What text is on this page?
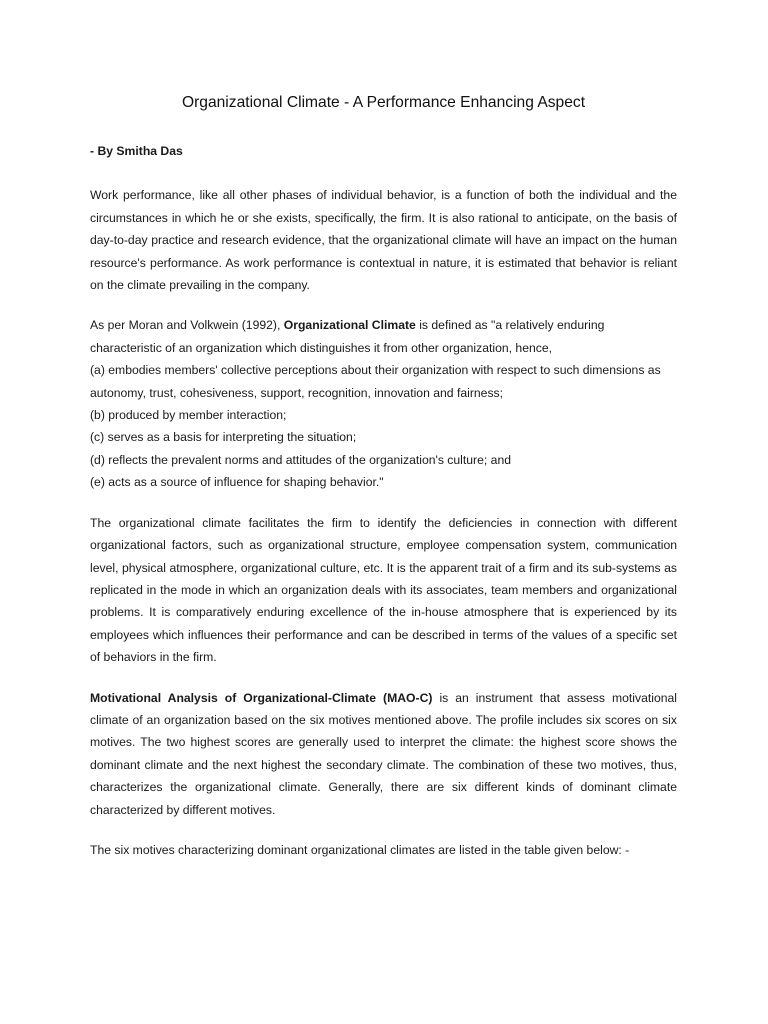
Organizational Climate - A Performance Enhancing Aspect
- By Smitha Das

Work performance, like all other phases of individual behavior, is a function of both the individual and the circumstances in which he or she exists, specifically, the firm. It is also rational to anticipate, on the basis of day-to-day practice and research evidence, that the organizational climate will have an impact on the human resource's performance. As work performance is contextual in nature, it is estimated that behavior is reliant on the climate prevailing in the company.

As per Moran and Volkwein (1992), Organizational Climate is defined as "a relatively enduring characteristic of an organization which distinguishes it from other organization, hence,
(a) embodies members' collective perceptions about their organization with respect to such dimensions as autonomy, trust, cohesiveness, support, recognition, innovation and fairness;
(b) produced by member interaction;
(c) serves as a basis for interpreting the situation;
(d) reflects the prevalent norms and attitudes of the organization's culture; and
(e) acts as a source of influence for shaping behavior."

The organizational climate facilitates the firm to identify the deficiencies in connection with different organizational factors, such as organizational structure, employee compensation system, communication level, physical atmosphere, organizational culture, etc. It is the apparent trait of a firm and its sub-systems as replicated in the mode in which an organization deals with its associates, team members and organizational problems. It is comparatively enduring excellence of the in-house atmosphere that is experienced by its employees which influences their performance and can be described in terms of the values of a specific set of behaviors in the firm.

Motivational Analysis of Organizational-Climate (MAO-C) is an instrument that assess motivational climate of an organization based on the six motives mentioned above. The profile includes six scores on six motives. The two highest scores are generally used to interpret the climate: the highest score shows the dominant climate and the next highest the secondary climate. The combination of these two motives, thus, characterizes the organizational climate. Generally, there are six different kinds of dominant climate characterized by different motives.

The six motives characterizing dominant organizational climates are listed in the table given below: -
